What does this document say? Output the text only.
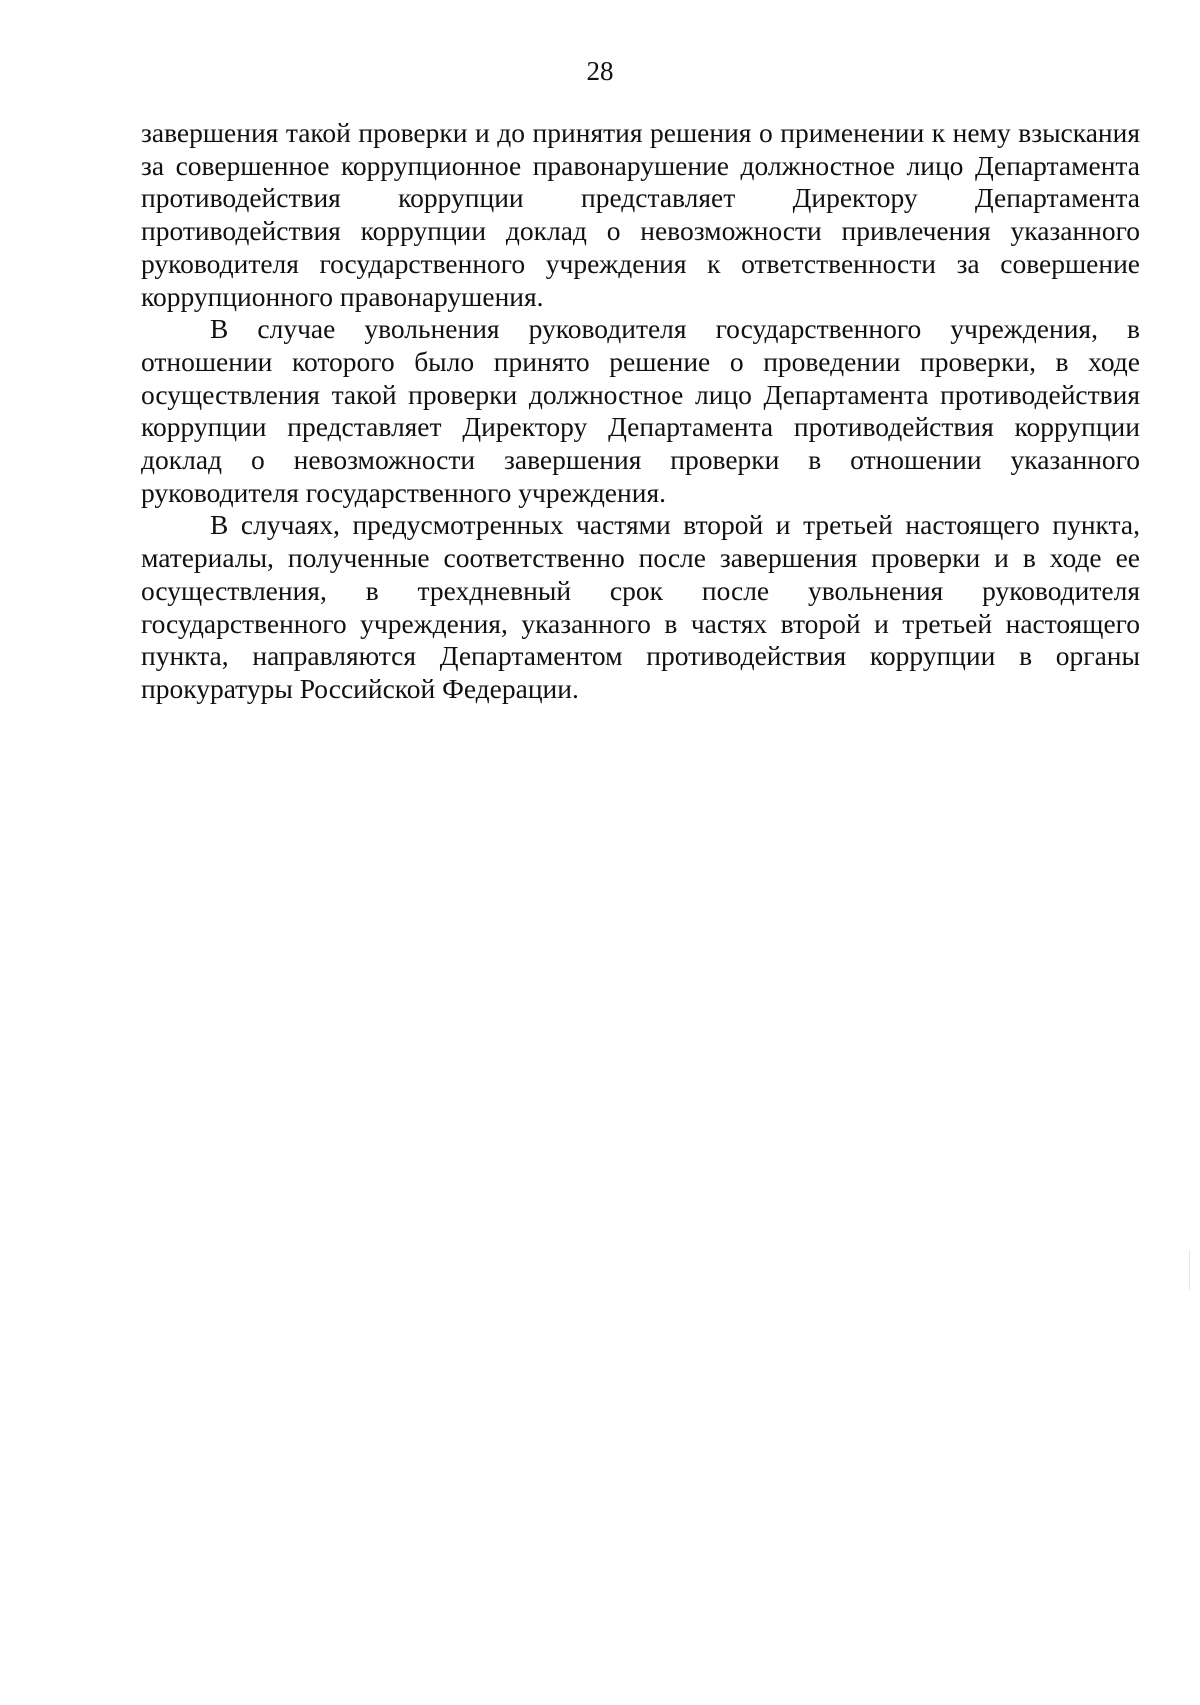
28

завершения такой проверки и до принятия решения о применении к нему взыскания за совершенное коррупционное правонарушение должностное лицо Департамента противодействия коррупции представляет Директору Департамента противодействия коррупции доклад о невозможности привлечения указанного руководителя государственного учреждения к ответственности за совершение коррупционного правонарушения.

В случае увольнения руководителя государственного учреждения, в отношении которого было принято решение о проведении проверки, в ходе осуществления такой проверки должностное лицо Департамента противодействия коррупции представляет Директору Департамента противодействия коррупции доклад о невозможности завершения проверки в отношении указанного руководителя государственного учреждения.

В случаях, предусмотренных частями второй и третьей настоящего пункта, материалы, полученные соответственно после завершения проверки и в ходе ее осуществления, в трехдневный срок после увольнения руководителя государственного учреждения, указанного в частях второй и третьей настоящего пункта, направляются Департаментом противодействия коррупции в органы прокуратуры Российской Федерации.
